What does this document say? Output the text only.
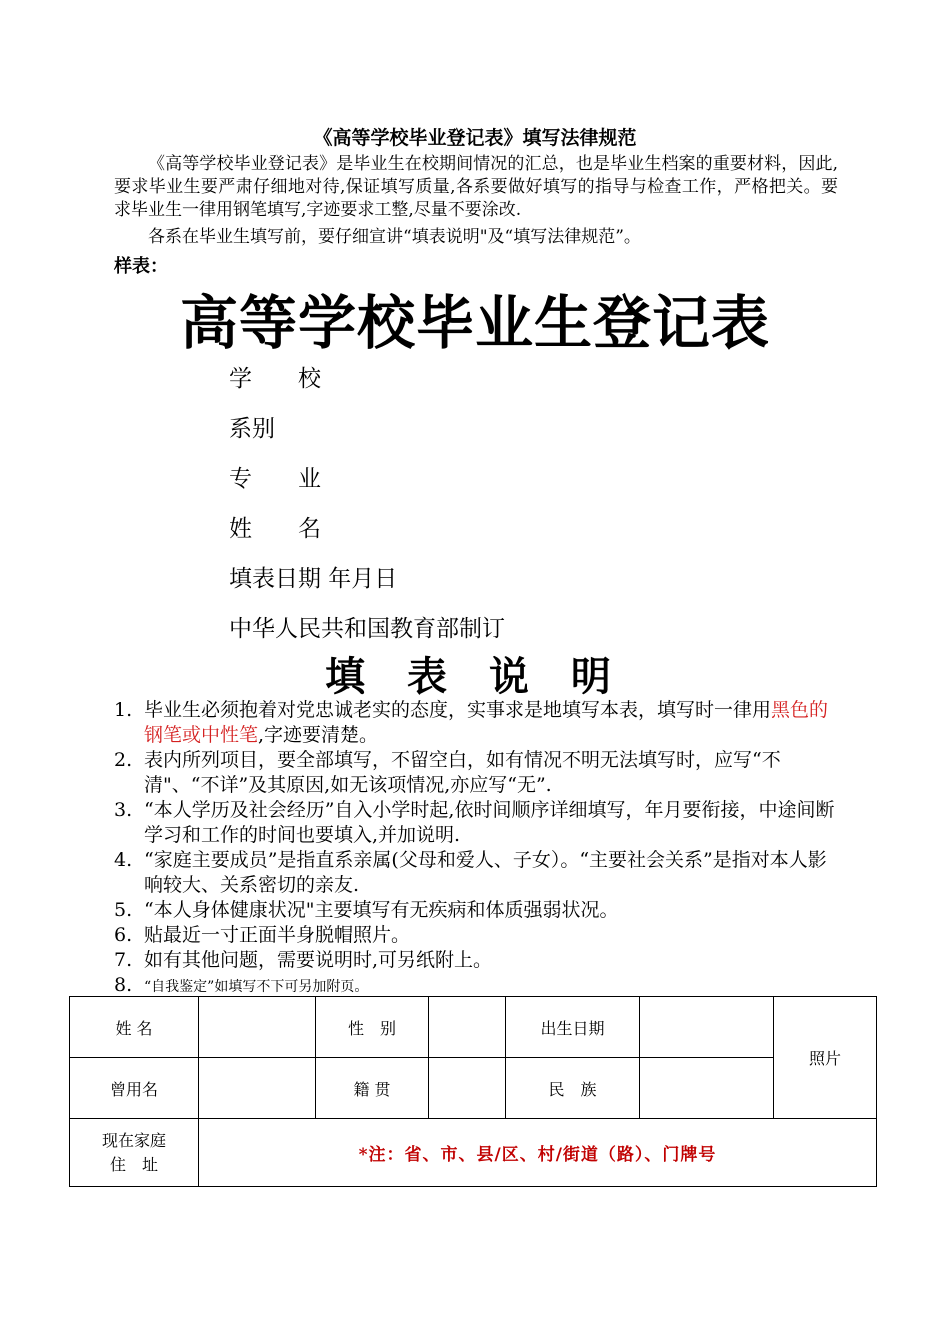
《高等学校毕业登记表》填写法律规范
《高等学校毕业登记表》是毕业生在校期间情况的汇总，也是毕业生档案的重要材料，因此,要求毕业生要严肃仔细地对待,保证填写质量,各系要做好填写的指导与检查工作，严格把关。要求毕业生一律用钢笔填写,字迹要求工整,尽量不要涂改.
各系在毕业生填写前，要仔细宣讲“填表说明"及“填写法律规范”。
样表：
高等学校毕业生登记表
学　　校
系别
专　　业
姓　　名
填表日期 年月日
中华人民共和国教育部制订
填 表 说 明
1. 毕业生必须抱着对党忠诚老实的态度，实事求是地填写本表，填写时一律用黑色的钢笔或中性笔,字迹要清楚。
2. 表内所列项目，要全部填写，不留空白，如有情况不明无法填写时，应写“不清"、“不详”及其原因,如无该项情况,亦应写“无”.
3. “本人学历及社会经历”自入小学时起,依时间顺序详细填写，年月要衔接，中途间断学习和工作的时间也要填入,并加说明.
4. “家庭主要成员”是指直系亲属(父母和爱人、子女）。“主要社会关系”是指对本人影响较大、关系密切的亲友.
5. “本人身体健康状况"主要填写有无疾病和体质强弱状况。
6. 贴最近一寸正面半身脱帽照片。
7. 如有其他问题，需要说明时,可另纸附上。
8. “自我鉴定”如填写不下可另加附页。
姓 名		性　别		出生日期		照片
曾用名		籍 贯		民　族		

现在家庭
住　址	*注：省、市、县/区、村/街道（路）、门牌号					
